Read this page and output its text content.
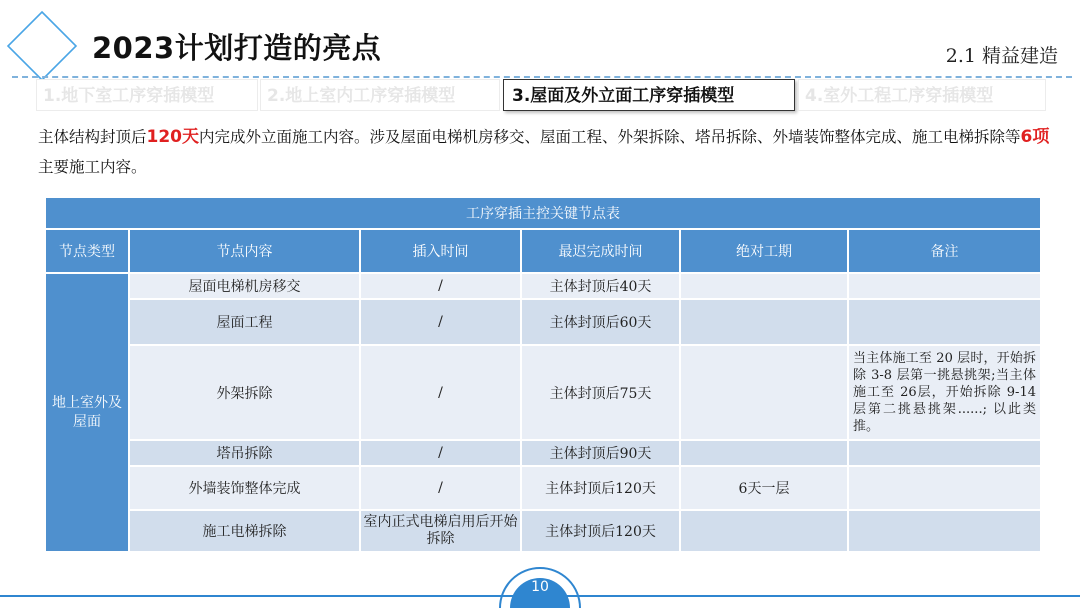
2023计划打造的亮点	2.1 精益建造
1.地下室工序穿插模型	2.地上室内工序穿插模型	3.屋面及外立面工序穿插模型	4.室外工程工序穿插模型
主体结构封顶后120天内完成外立面施工内容。涉及屋面电梯机房移交、屋面工程、外架拆除、塔吊拆除、外墙装饰整体完成、施工电梯拆除等6项主要施工内容。
工序穿插主控关键节点表					
节点类型	节点内容	插入时间	最迟完成时间	绝对工期	备注
地上室外及屋面	屋面电梯机房移交	/	主体封顶后40天		
	屋面工程	/	主体封顶后60天		
	外架拆除	/	主体封顶后75天		当主体施工至 20 层时，开始拆除 3-8 层第一挑悬挑架;当主体施工至 26层，开始拆除 9-14 层第二挑悬挑架......; 以此类推。
	塔吊拆除	/	主体封顶后90天		
	外墙装饰整体完成	/	主体封顶后120天	6天一层	
	施工电梯拆除	室内正式电梯启用后开始拆除	主体封顶后120天		
10
